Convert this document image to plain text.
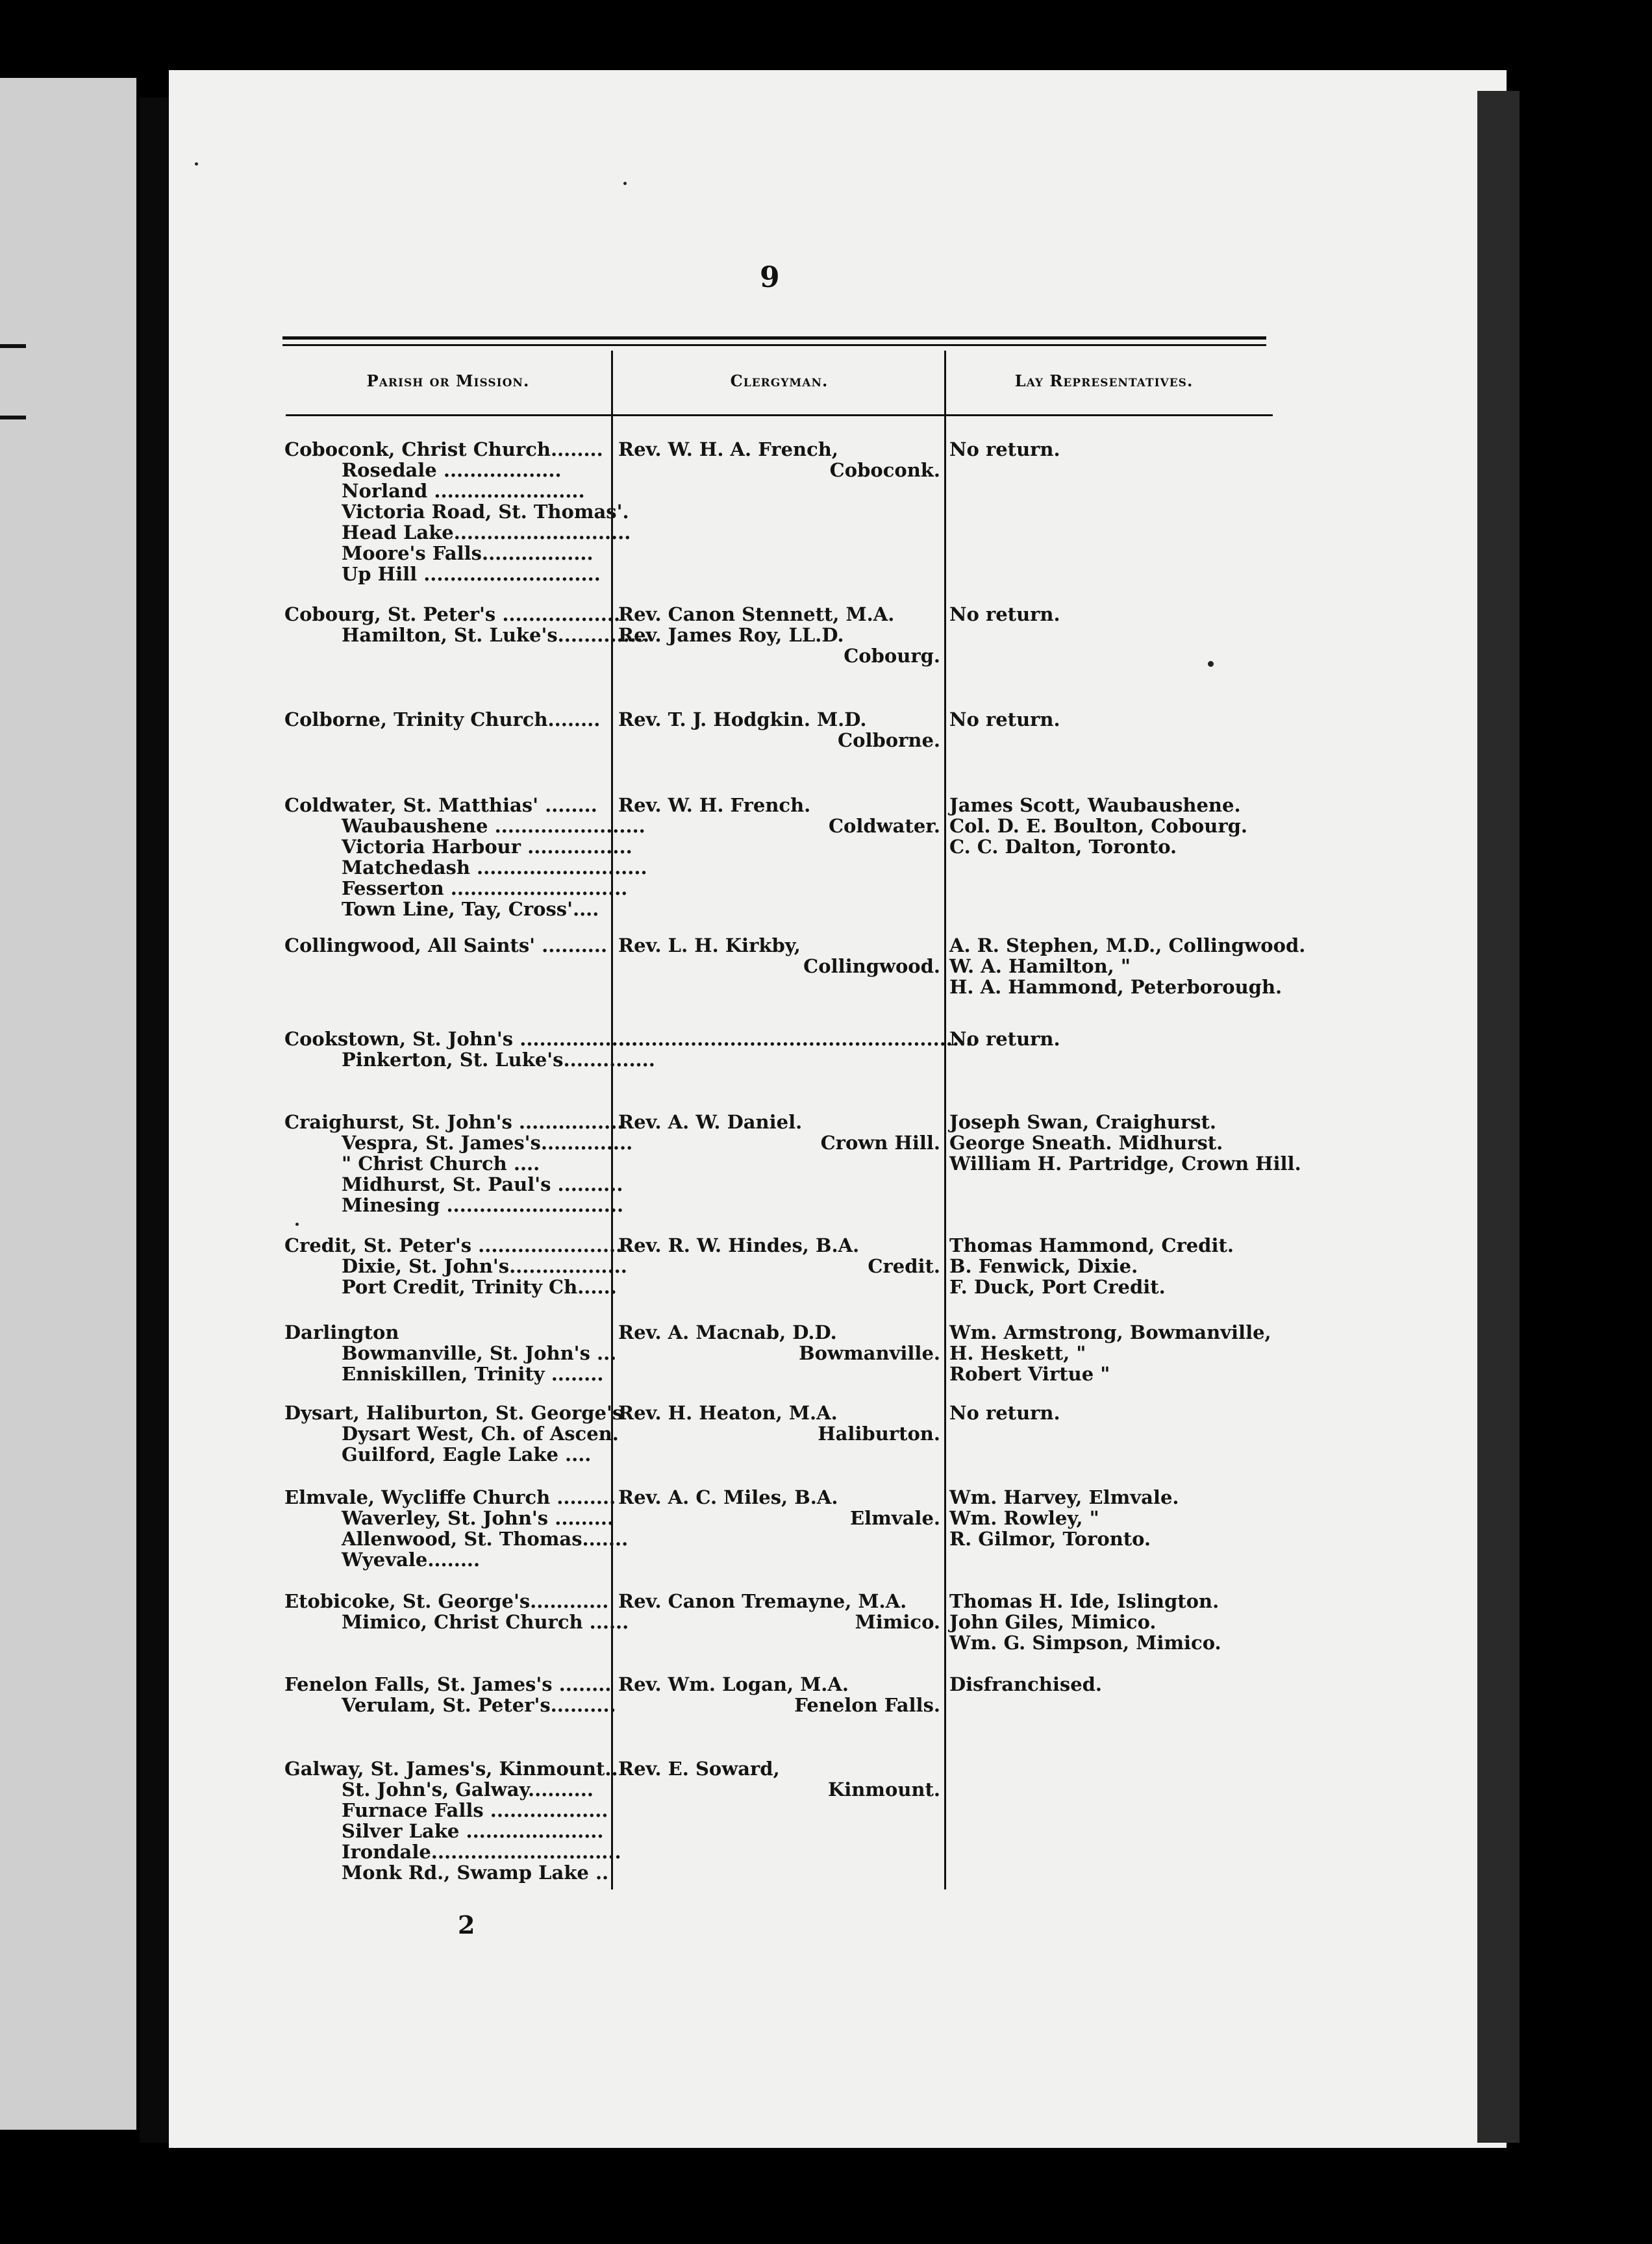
9
Parish or Mission.	Clergyman.	Lay Representatives.
Coboconk, Christ Church........
Rosedale ..................
Norland .......................
Victoria Road, St. Thomas'.
Head Lake...........................
Moore's Falls.................
Up Hill ...........................
Rev. W. H. A. French,
Coboconk.
No return.
Cobourg, St. Peter's ..................
Hamilton, St. Luke's..............
Rev. Canon Stennett, M.A.
Rev. James Roy, LL.D.
Cobourg.
No return.
Colborne, Trinity Church........ Rev. T. J. Hodgkin. M.D.
Colborne.
No return.
Coldwater, St. Matthias' ........
Waubaushene .......................
Victoria Harbour ................
Matchedash ..........................
Fesserton ...........................
Town Line, Tay, Cross'....
Rev. W. H. French.
Coldwater.
James Scott, Waubaushene.
Col. D. E. Boulton, Cobourg.
C. C. Dalton, Toronto.
Collingwood, All Saints' .......... Rev. L. H. Kirkby,
Collingwood.
A. R. Stephen, M.D., Collingwood.
W. A. Hamilton, "
H. A. Hammond, Peterborough.
Cookstown, St. John's ..................
Pinkerton, St. Luke's..............
......................................................
No return.
Craighurst, St. John's ................
Vespra, St. James's..............
" Christ Church ....
Midhurst, St. Paul's ..........
Minesing ...........................
Rev. A. W. Daniel.
Crown Hill.
Joseph Swan, Craighurst.
George Sneath. Midhurst.
William H. Partridge, Crown Hill.
Credit, St. Peter's ......................
Dixie, St. John's..................
Port Credit, Trinity Ch......
Rev. R. W. Hindes, B.A.
Credit.
Thomas Hammond, Credit.
B. Fenwick, Dixie.
F. Duck, Port Credit.
Darlington
Bowmanville, St. John's ...
Enniskillen, Trinity ........
Rev. A. Macnab, D.D.
Bowmanville.
Wm. Armstrong, Bowmanville,
H. Heskett, "
Robert Virtue "
Dysart, Haliburton, St. George's
Dysart West, Ch. of Ascen.
Guilford, Eagle Lake ....
Rev. H. Heaton, M.A.
Haliburton.
No return.
Elmvale, Wycliffe Church .........
Waverley, St. John's .........
Allenwood, St. Thomas.......
Wyevale........
Rev. A. C. Miles, B.A.
Elmvale.
Wm. Harvey, Elmvale.
Wm. Rowley, "
R. Gilmor, Toronto.
Etobicoke, St. George's............
Mimico, Christ Church ......
Rev. Canon Tremayne, M.A.
Mimico.
Thomas H. Ide, Islington.
John Giles, Mimico.
Wm. G. Simpson, Mimico.
Fenelon Falls, St. James's ........
Verulam, St. Peter's..........
Rev. Wm. Logan, M.A.
Fenelon Falls.
Disfranchised.
Galway, St. James's, Kinmount..
St. John's, Galway..........
Furnace Falls ..................
Silver Lake .....................
Irondale.............................
Monk Rd., Swamp Lake ..
Rev. E. Soward,
Kinmount.
2
